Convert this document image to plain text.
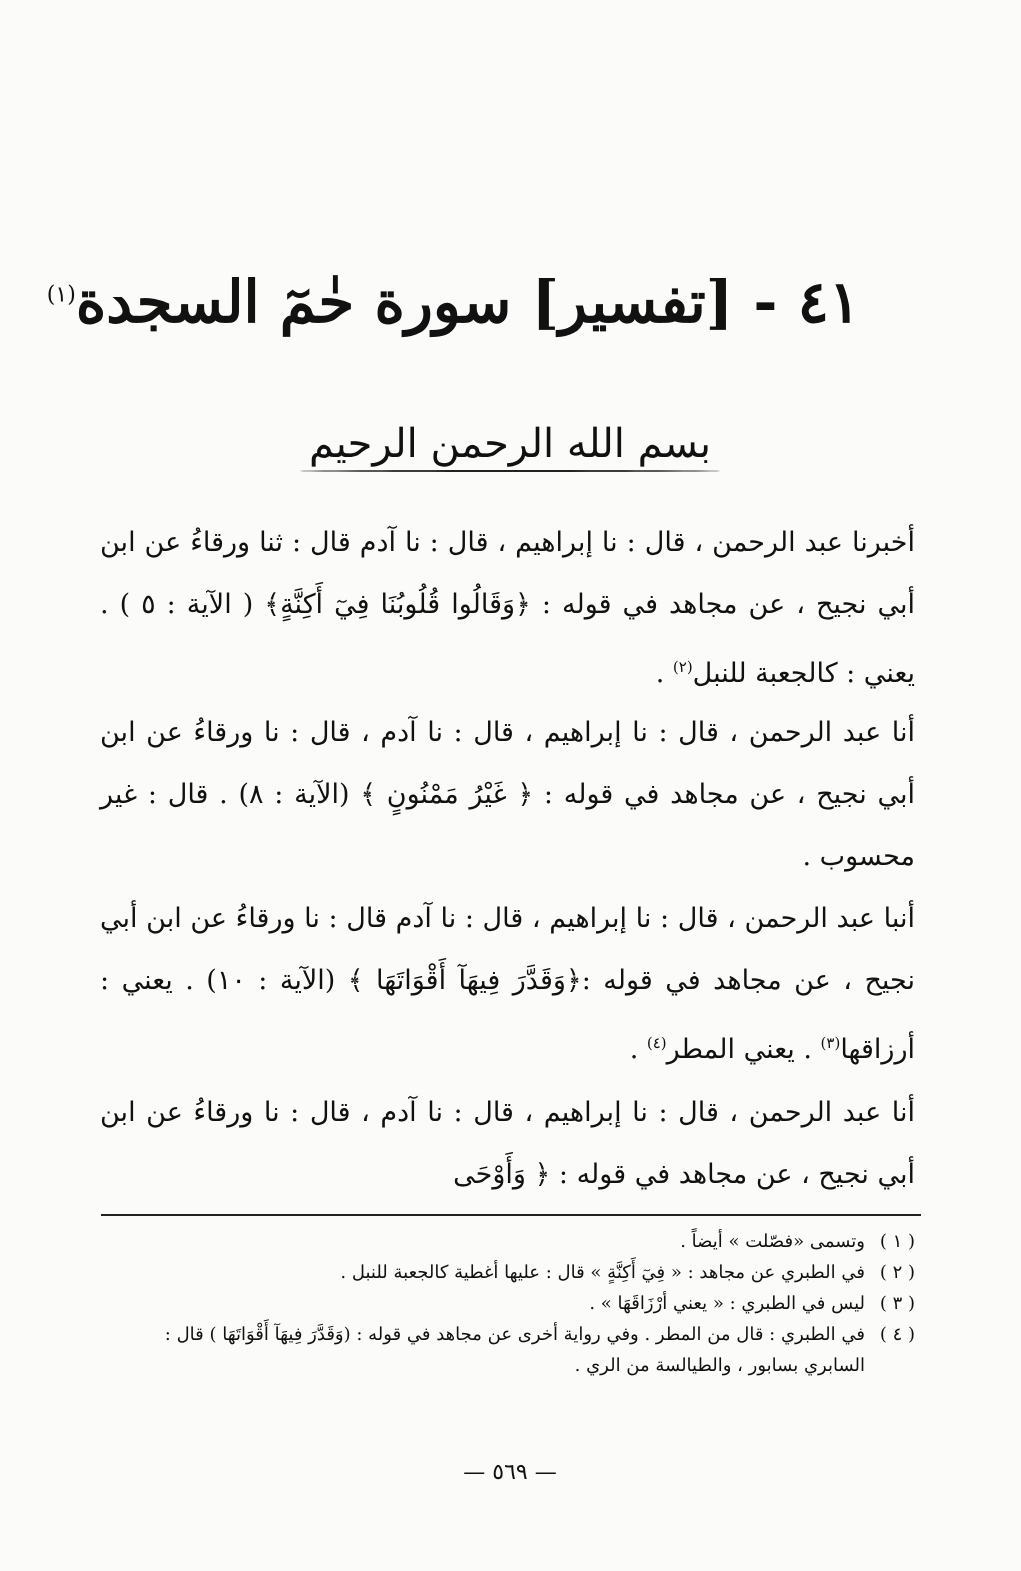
٤١ - [تفسير] سورة حٰمٓ السجدة$^{(١)}$
بسم الله الرحمن الرحيم
أخبرنا عبد الرحمن ، قال : نا إبراهيم ، قال : نا آدم قال : ثنا ورقاءُ عن ابن أبي نجيح ، عن مجاهد في قوله : ﴿وَقَالُوا قُلُوبُنَا فِيٓ أَكِنَّةٍ﴾ ( الآية : ٥ ) . يعني : كالجعبة للنبل$^{(٢)}$ .
أنا عبد الرحمن ، قال : نا إبراهيم ، قال : نا آدم ، قال : نا ورقاءُ عن ابن أبي نجيح ، عن مجاهد في قوله : ﴿ غَيْرُ مَمْنُونٍ ﴾ (الآية : ٨) . قال : غير محسوب .
أنبا عبد الرحمن ، قال : نا إبراهيم ، قال : نا آدم قال : نا ورقاءُ عن ابن أبي نجيح ، عن مجاهد في قوله :﴿وَقَدَّرَ فِيهَآ أَقْوَاتَهَا ﴾ (الآية : ١٠) . يعني : أرزاقها$^{(٣)}$ . يعني المطر$^{(٤)}$ .
أنا عبد الرحمن ، قال : نا إبراهيم ، قال : نا آدم ، قال : نا ورقاءُ عن ابن أبي نجيح ، عن مجاهد في قوله : ﴿ وَأَوْحَى
( ١ )
وتسمى «فصّلت » أيضاً .
( ٢ )
في الطبري عن مجاهد : « فِيٓ أَكِنَّةٍ » قال : عليها أغطية كالجعبة للنبل .
( ٣ )
ليس في الطبري : « يعني أرْزَاقَهَا » .
( ٤ )
في الطبري : قال من المطر . وفي رواية أخرى عن مجاهد في قوله : (وَقَدَّرَ فِيهَآ أَقْوَاتَهَا ) قال : السابري بسابور ، والطيالسة من الري .
— ٥٦٩ —
